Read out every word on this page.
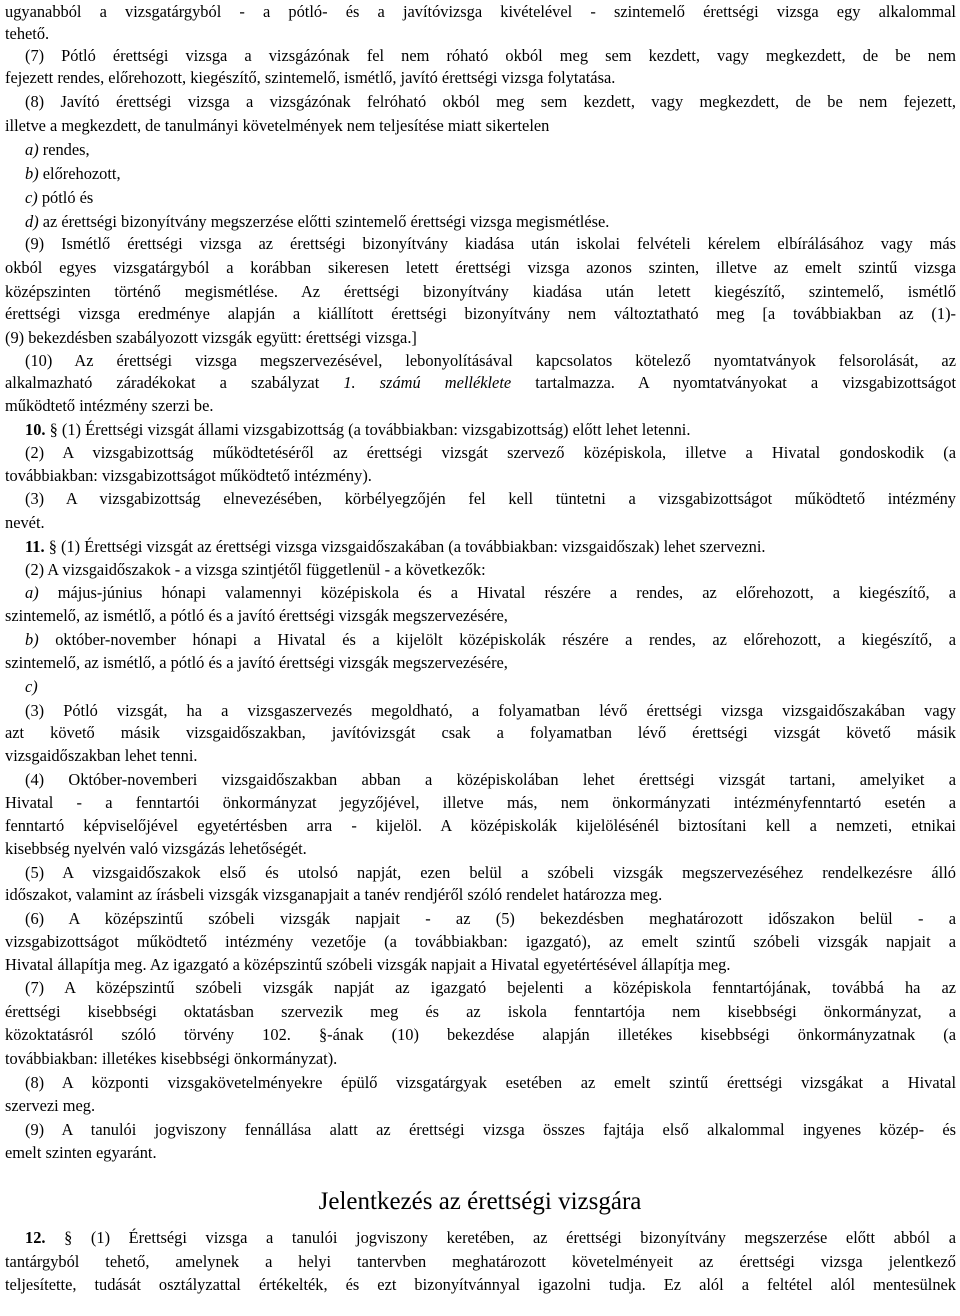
ugyanabból a vizsgatárgyból - a pótló- és a javítóvizsga kivételével - szintemelő érettségi vizsga egy alkalommal
tehető.
(7) Pótló érettségi vizsga a vizsgázónak fel nem róható okból meg sem kezdett, vagy megkezdett, de be nem
fejezett rendes, előrehozott, kiegészítő, szintemelő, ismétlő, javító érettségi vizsga folytatása.
(8) Javító érettségi vizsga a vizsgázónak felróható okból meg sem kezdett, vagy megkezdett, de be nem fejezett,
illetve a megkezdett, de tanulmányi követelmények nem teljesítése miatt sikertelen
a) rendes,
b) előrehozott,
c) pótló és
d) az érettségi bizonyítvány megszerzése előtti szintemelő érettségi vizsga megismétlése.
(9) Ismétlő érettségi vizsga az érettségi bizonyítvány kiadása után iskolai felvételi kérelem elbírálásához vagy más
okból egyes vizsgatárgyból a korábban sikeresen letett érettségi vizsga azonos szinten, illetve az emelt szintű vizsga
középszinten történő megismétlése. Az érettségi bizonyítvány kiadása után letett kiegészítő, szintemelő, ismétlő
érettségi vizsga eredménye alapján a kiállított érettségi bizonyítvány nem változtatható meg [a továbbiakban az (1)-
(9) bekezdésben szabályozott vizsgák együtt: érettségi vizsga.]
(10) Az érettségi vizsga megszervezésével, lebonyolításával kapcsolatos kötelező nyomtatványok felsorolását, az
alkalmazható záradékokat a szabályzat 1. számú melléklete tartalmazza. A nyomtatványokat a vizsgabizottságot
működtető intézmény szerzi be.
10. § (1) Érettségi vizsgát állami vizsgabizottság (a továbbiakban: vizsgabizottság) előtt lehet letenni.
(2) A vizsgabizottság működtetéséről az érettségi vizsgát szervező középiskola, illetve a Hivatal gondoskodik (a
továbbiakban: vizsgabizottságot működtető intézmény).
(3) A vizsgabizottság elnevezésében, körbélyegzőjén fel kell tüntetni a vizsgabizottságot működtető intézmény
nevét.
11. § (1) Érettségi vizsgát az érettségi vizsga vizsgaidőszakában (a továbbiakban: vizsgaidőszak) lehet szervezni.
(2) A vizsgaidőszakok - a vizsga szintjétől függetlenül - a következők:
a) május-június hónapi valamennyi középiskola és a Hivatal részére a rendes, az előrehozott, a kiegészítő, a
szintemelő, az ismétlő, a pótló és a javító érettségi vizsgák megszervezésére,
b) október-november hónapi a Hivatal és a kijelölt középiskolák részére a rendes, az előrehozott, a kiegészítő, a
szintemelő, az ismétlő, a pótló és a javító érettségi vizsgák megszervezésére,
c)
(3) Pótló vizsgát, ha a vizsgaszervezés megoldható, a folyamatban lévő érettségi vizsga vizsgaidőszakában vagy
azt követő másik vizsgaidőszakban, javítóvizsgát csak a folyamatban lévő érettségi vizsgát követő másik
vizsgaidőszakban lehet tenni.
(4) Október-novemberi vizsgaidőszakban abban a középiskolában lehet érettségi vizsgát tartani, amelyiket a
Hivatal - a fenntartói önkormányzat jegyzőjével, illetve más, nem önkormányzati intézményfenntartó esetén a
fenntartó képviselőjével egyetértésben arra - kijelöl. A középiskolák kijelölésénél biztosítani kell a nemzeti, etnikai
kisebbség nyelvén való vizsgázás lehetőségét.
(5) A vizsgaidőszakok első és utolsó napját, ezen belül a szóbeli vizsgák megszervezéséhez rendelkezésre álló
időszakot, valamint az írásbeli vizsgák vizsganapjait a tanév rendjéről szóló rendelet határozza meg.
(6) A középszintű szóbeli vizsgák napjait - az (5) bekezdésben meghatározott időszakon belül - a
vizsgabizottságot működtető intézmény vezetője (a továbbiakban: igazgató), az emelt szintű szóbeli vizsgák napjait a
Hivatal állapítja meg. Az igazgató a középszintű szóbeli vizsgák napjait a Hivatal egyetértésével állapítja meg.
(7) A középszintű szóbeli vizsgák napját az igazgató bejelenti a középiskola fenntartójának, továbbá ha az
érettségi kisebbségi oktatásban szervezik meg és az iskola fenntartója nem kisebbségi önkormányzat, a
közoktatásról szóló törvény 102. §-ának (10) bekezdése alapján illetékes kisebbségi önkormányzatnak (a
továbbiakban: illetékes kisebbségi önkormányzat).
(8) A központi vizsgakövetelményekre épülő vizsgatárgyak esetében az emelt szintű érettségi vizsgákat a Hivatal
szervezi meg.
(9) A tanulói jogviszony fennállása alatt az érettségi vizsga összes fajtája első alkalommal ingyenes közép- és
emelt szinten egyaránt.
12. § (1) Érettségi vizsga a tanulói jogviszony keretében, az érettségi bizonyítvány megszerzése előtt abból a
tantárgyból tehető, amelynek a helyi tantervben meghatározott követelményeit az érettségi vizsga jelentkező
teljesítette, tudását osztályzattal értékelték, és ezt bizonyítvánnyal igazolni tudja. Ez alól a feltétel alól mentesülnek
Jelentkezés az érettségi vizsgára
